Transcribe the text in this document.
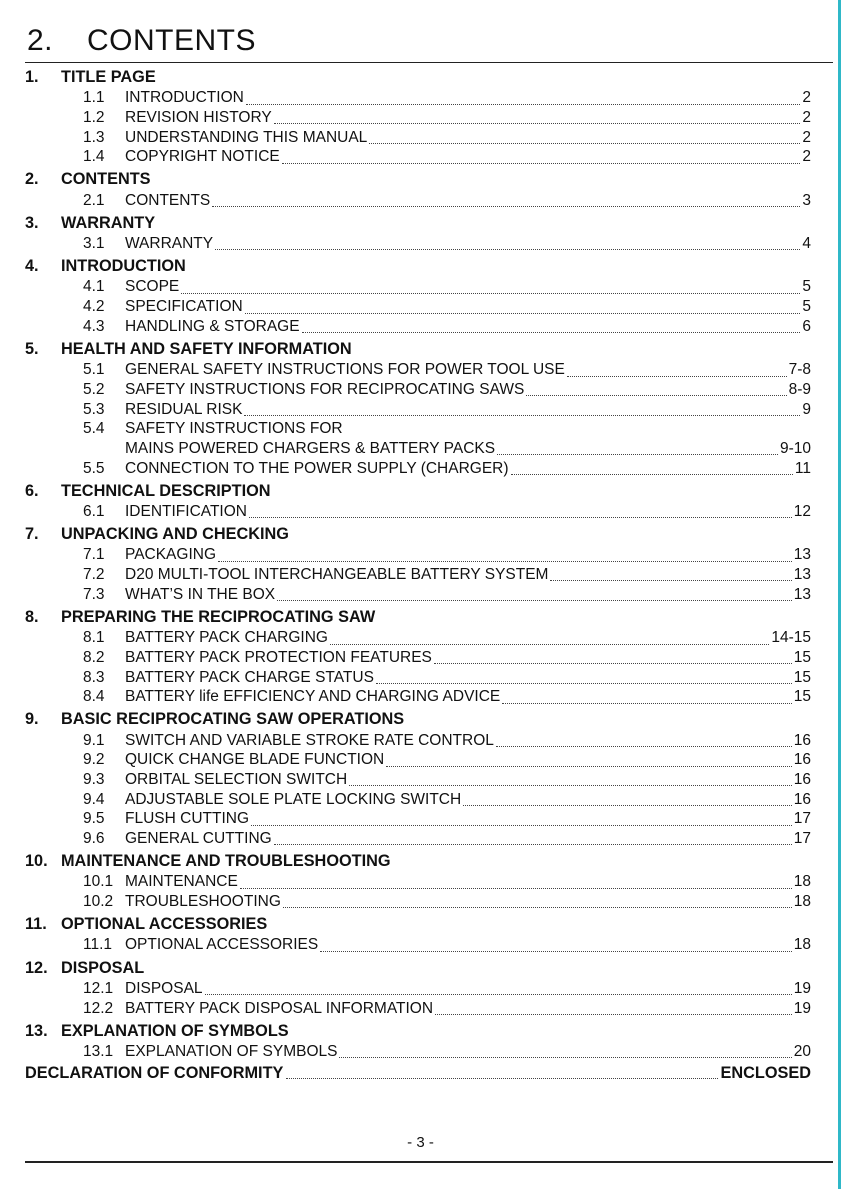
2. CONTENTS
1. TITLE PAGE
1.1	INTRODUCTION	2
1.2	REVISION HISTORY	2
1.3	UNDERSTANDING THIS MANUAL	2
1.4	COPYRIGHT NOTICE	2
2. CONTENTS
2.1	CONTENTS	3
3. WARRANTY
3.1	WARRANTY	4
4. INTRODUCTION
4.1	SCOPE	5
4.2	SPECIFICATION	5
4.3	HANDLING & STORAGE	6
5. HEALTH AND SAFETY INFORMATION
5.1	GENERAL SAFETY INSTRUCTIONS FOR POWER TOOL USE	7-8
5.2	SAFETY INSTRUCTIONS FOR RECIPROCATING SAWS	8-9
5.3	RESIDUAL RISK	9
5.4	SAFETY INSTRUCTIONS FOR
MAINS POWERED CHARGERS & BATTERY PACKS	9-10
5.5	CONNECTION TO THE POWER SUPPLY (CHARGER)	11
6. TECHNICAL DESCRIPTION
6.1	IDENTIFICATION	12
7. UNPACKING AND CHECKING
7.1	PACKAGING	13
7.2	D20 MULTI-TOOL INTERCHANGEABLE BATTERY SYSTEM	13
7.3	WHAT’S IN THE BOX	13
8. PREPARING THE RECIPROCATING SAW
8.1	BATTERY PACK CHARGING	14-15
8.2	BATTERY PACK PROTECTION FEATURES	15
8.3	BATTERY PACK CHARGE STATUS	15
8.4	BATTERY life EFFICIENCY AND CHARGING ADVICE	15
9. BASIC RECIPROCATING SAW OPERATIONS
9.1	SWITCH AND VARIABLE STROKE RATE CONTROL	16
9.2	QUICK CHANGE BLADE FUNCTION	16
9.3	ORBITAL SELECTION SWITCH	16
9.4	ADJUSTABLE SOLE PLATE LOCKING SWITCH	16
9.5	FLUSH CUTTING	17
9.6	GENERAL CUTTING	17
10. MAINTENANCE AND TROUBLESHOOTING
10.1 MAINTENANCE	18
10.2 TROUBLESHOOTING	18
11. OPTIONAL ACCESSORIES
11.1 OPTIONAL ACCESSORIES	18
12. DISPOSAL
12.1 DISPOSAL	19
12.2 BATTERY PACK DISPOSAL INFORMATION	19
13. EXPLANATION OF SYMBOLS
13.1 EXPLANATION OF SYMBOLS	20
DECLARATION OF CONFORMITY	ENCLOSED
- 3 -
